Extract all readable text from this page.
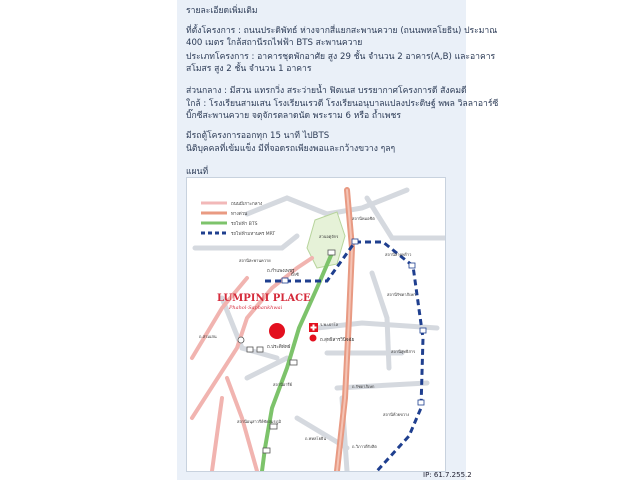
รายละเอียดเพิ่มเติม
ที่ตั้งโครงการ : ถนนประดิพัทธ์ ห่างจากสี่แยกสะพานควาย (ถนนพหลโยธิน) ประมาณ
400 เมตร ใกล้สถานีรถไฟฟ้า BTS สะพานควาย
ประเภทโครงการ : อาคารชุดพักอาศัย สูง 29 ชั้น จำนวน 2 อาคาร(A,B) และอาคาร
สโมสร สูง 2 ชั้น จำนวน 1 อาคาร
ส่วนกลาง : มีสวน แทรกวิ่ง สระว่ายน้ำ ฟิตเนส บรรยากาศโครงการดี สังคมดี
ใกล้ : โรงเรียนสามเสน โรงเรียนเรวดี โรงเรียนอนุบาลแปลงประดิษฐ์ พพล วิลลาอาร์ซี
บิ๊กซีสะพานควาย จตุจักรตลาดนัด พระราม 6 หรือ ถ้ำเพชร
มีรถตู้โครงการออกทุก 15 นาที ไปBTS
นิติบุคคลที่เข้มแข็ง มีที่จอดรถเพียงพอและกว้างขวาง ๆลๆ
แผนที่
ถนนมีเกาะกลาง
ทางด่วน
รถไฟฟ้า BTS
รถไฟฟ้ามหานคร MRT
LUMPINI PLACE
Phahol-Saphankhwai
ถ.กำแพงเพชร
ถ.ประดิพัทธ์
ร.พ.เปาโล
ถ.สุทธิสารวินิจฉัย
สวนจตุจักร
สถานีหมอชิต
สถานีลาดพร้าว
สถานีรัชดาภิเษก
สถานีสุทธิสาร
สถานีห้วยขวาง
สถานีสะพานควาย
สถานีอารีย์
สถานีอนุสาวรีย์ชัยสมรภูมิ
บิ๊กซี
ถ.พหลโยธิน
ถ.วิภาวดีรังสิต
ถ.สามเสน
ถ.รัชดาภิเษก
IP: 61.7.255.2
